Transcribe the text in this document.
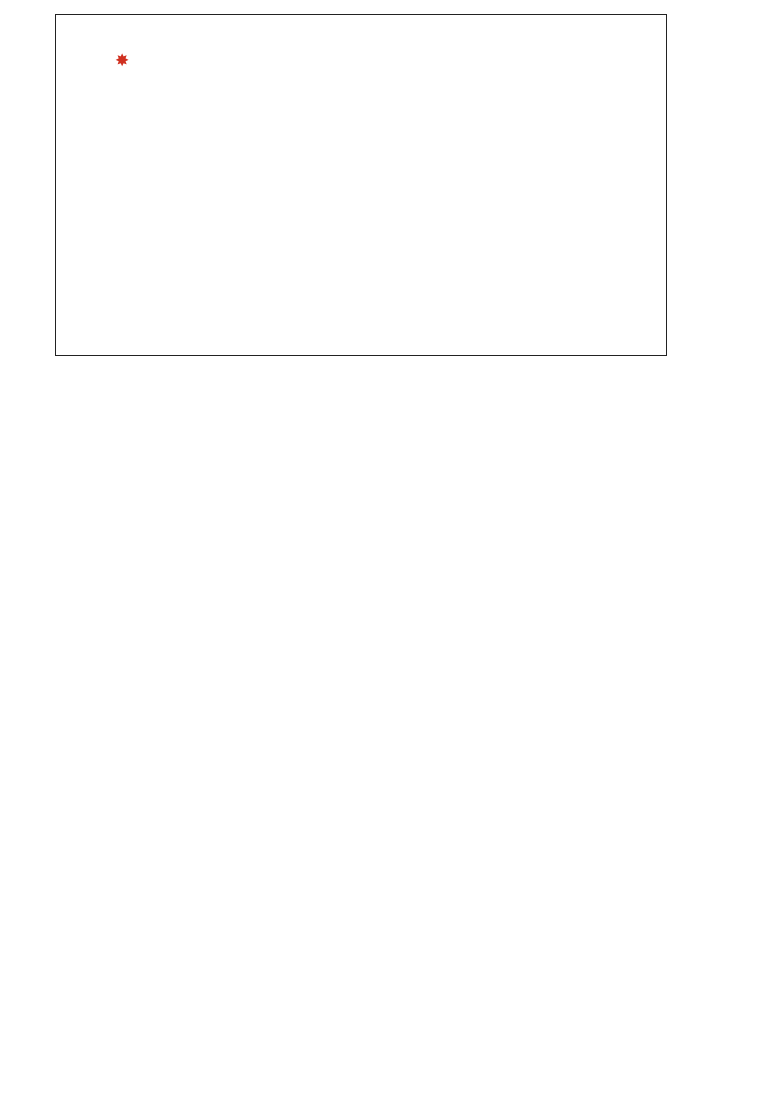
✸
